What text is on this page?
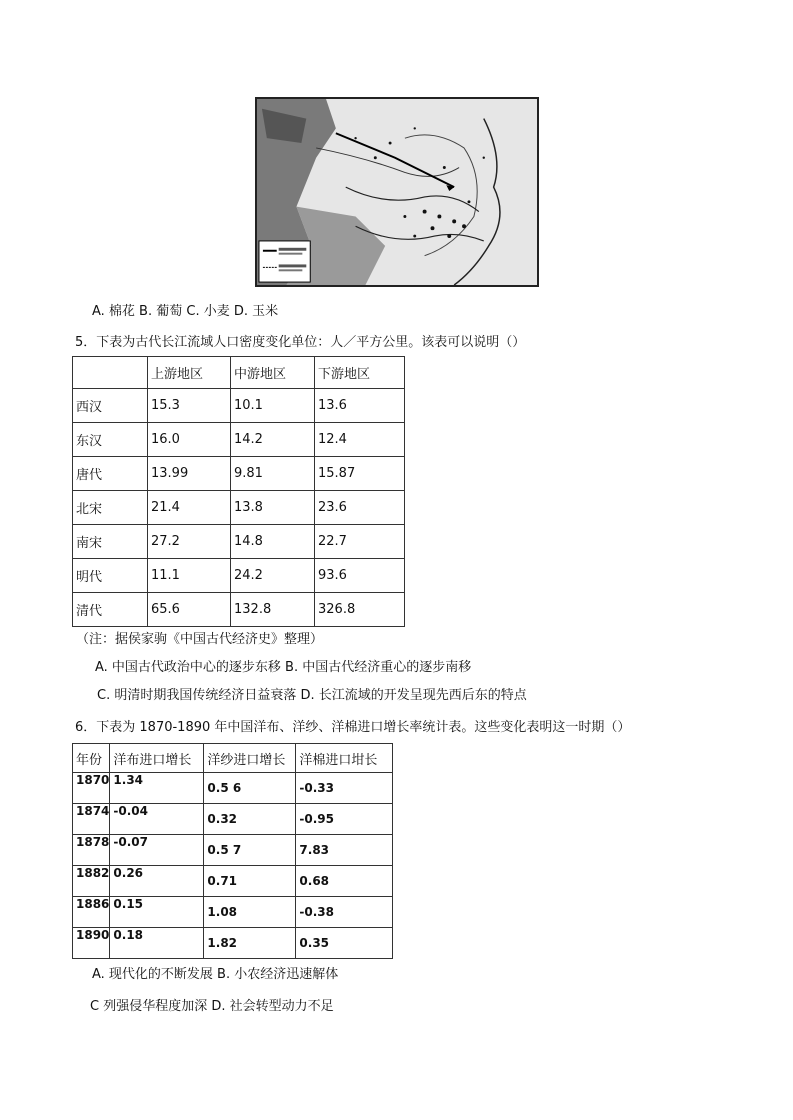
A. 棉花 B. 葡萄 C. 小麦 D. 玉米
5．下表为古代长江流域人口密度变化单位：人／平方公里。该表可以说明（）
	上游地区	中游地区	下游地区
西汉	15.3	10.1	13.6
东汉	16.0	14.2	12.4
唐代	13.99	9.81	15.87
北宋	21.4	13.8	23.6
南宋	27.2	14.8	22.7
明代	11.1	24.2	93.6
清代	65.6	132.8	326.8
（注：据侯家驹《中国古代经济史》整理）
A. 中国古代政治中心的逐步东移 B. 中国古代经济重心的逐步南移
C. 明清时期我国传统经济日益衰落 D. 长江流域的开发呈现先西后东的特点
6．下表为 1870-1890 年中国洋布、洋纱、洋棉进口增长率统计表。这些变化表明这一时期（）
年份	洋布进口增长	洋纱进口增长	洋棉进口坩长
1870	1.34	0.5 6	-0.33
1874	-0.04	0.32	-0.95
1878	-0.07	0.5 7	7.83
1882	0.26	0.71	0.68
1886	0.15	1.08	-0.38
1890	0.18	1.82	0.35
A. 现代化的不断发展 B. 小农经济迅速解体
C 列强侵华程度加深 D. 社会转型动力不足
